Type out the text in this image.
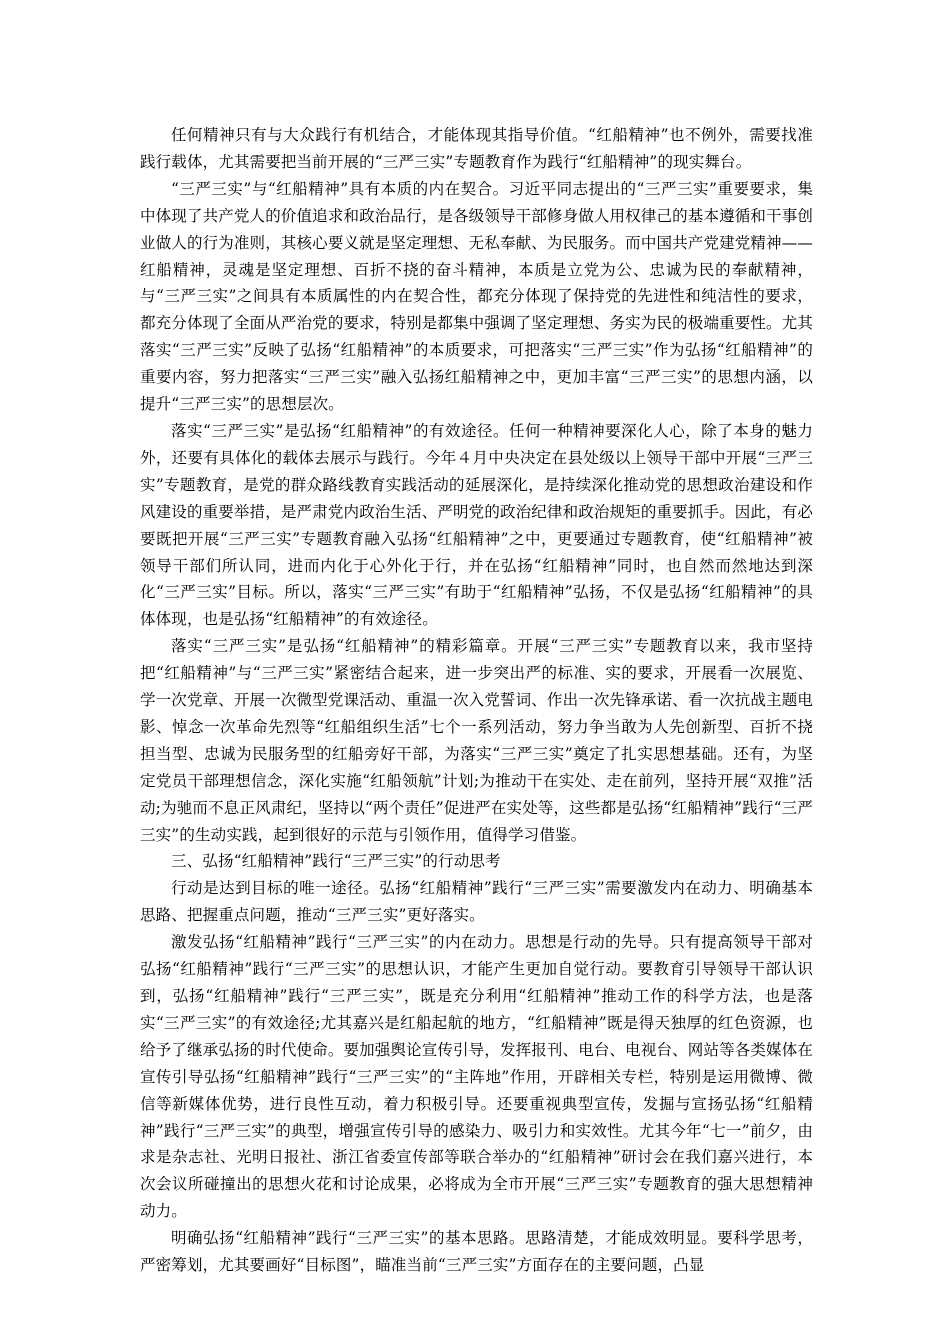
任何精神只有与大众践行有机结合，才能体现其指导价值。“红船精神”也不例外，需要找准践行载体，尤其需要把当前开展的“三严三实”专题教育作为践行“红船精神”的现实舞台。

“三严三实”与“红船精神”具有本质的内在契合。习近平同志提出的“三严三实”重要要求，集中体现了共产党人的价值追求和政治品行，是各级领导干部修身做人用权律己的基本遵循和干事创业做人的行为准则，其核心要义就是坚定理想、无私奉献、为民服务。而中国共产党建党精神——红船精神，灵魂是坚定理想、百折不挠的奋斗精神，本质是立党为公、忠诚为民的奉献精神，与“三严三实”之间具有本质属性的内在契合性，都充分体现了保持党的先进性和纯洁性的要求，都充分体现了全面从严治党的要求，特别是都集中强调了坚定理想、务实为民的极端重要性。尤其落实“三严三实”反映了弘扬“红船精神”的本质要求，可把落实“三严三实”作为弘扬“红船精神”的重要内容，努力把落实“三严三实”融入弘扬红船精神之中，更加丰富“三严三实”的思想内涵，以提升“三严三实”的思想层次。

落实“三严三实”是弘扬“红船精神”的有效途径。任何一种精神要深化人心，除了本身的魅力外，还要有具体化的载体去展示与践行。今年４月中央决定在县处级以上领导干部中开展“三严三实”专题教育，是党的群众路线教育实践活动的延展深化，是持续深化推动党的思想政治建设和作风建设的重要举措，是严肃党内政治生活、严明党的政治纪律和政治规矩的重要抓手。因此，有必要既把开展“三严三实”专题教育融入弘扬“红船精神”之中，更要通过专题教育，使“红船精神”被领导干部们所认同，进而内化于心外化于行，并在弘扬“红船精神”同时，也自然而然地达到深化“三严三实”目标。所以，落实“三严三实”有助于“红船精神”弘扬，不仅是弘扬“红船精神”的具体体现，也是弘扬“红船精神”的有效途径。

落实“三严三实”是弘扬“红船精神”的精彩篇章。开展“三严三实”专题教育以来，我市坚持把“红船精神”与“三严三实”紧密结合起来，进一步突出严的标准、实的要求，开展看一次展览、学一次党章、开展一次微型党课活动、重温一次入党誓词、作出一次先锋承诺、看一次抗战主题电影、悼念一次革命先烈等“红船组织生活”七个一系列活动，努力争当敢为人先创新型、百折不挠担当型、忠诚为民服务型的红船旁好干部，为落实“三严三实”奠定了扎实思想基础。还有，为坚定党员干部理想信念，深化实施“红船领航”计划;为推动干在实处、走在前列，坚持开展“双推”活动;为驰而不息正风肃纪，坚持以“两个责任”促进严在实处等，这些都是弘扬“红船精神”践行“三严三实”的生动实践，起到很好的示范与引领作用，值得学习借鉴。

三、弘扬“红船精神”践行“三严三实”的行动思考

行动是达到目标的唯一途径。弘扬“红船精神”践行“三严三实”需要激发内在动力、明确基本思路、把握重点问题，推动“三严三实”更好落实。

激发弘扬“红船精神”践行“三严三实”的内在动力。思想是行动的先导。只有提高领导干部对弘扬“红船精神”践行“三严三实”的思想认识，才能产生更加自觉行动。要教育引导领导干部认识到，弘扬“红船精神”践行“三严三实”，既是充分利用“红船精神”推动工作的科学方法，也是落实“三严三实”的有效途径;尤其嘉兴是红船起航的地方，“红船精神”既是得天独厚的红色资源，也给予了继承弘扬的时代使命。要加强舆论宣传引导，发挥报刊、电台、电视台、网站等各类媒体在宣传引导弘扬“红船精神”践行“三严三实”的“主阵地”作用，开辟相关专栏，特别是运用微博、微信等新媒体优势，进行良性互动，着力积极引导。还要重视典型宣传，发掘与宣扬弘扬“红船精神”践行“三严三实”的典型，增强宣传引导的感染力、吸引力和实效性。尤其今年“七一”前夕，由求是杂志社、光明日报社、浙江省委宣传部等联合举办的“红船精神”研讨会在我们嘉兴进行，本次会议所碰撞出的思想火花和讨论成果，必将成为全市开展“三严三实”专题教育的强大思想精神动力。

明确弘扬“红船精神”践行“三严三实”的基本思路。思路清楚，才能成效明显。要科学思考，严密筹划，尤其要画好“目标图”，瞄准当前“三严三实”方面存在的主要问题，凸显
